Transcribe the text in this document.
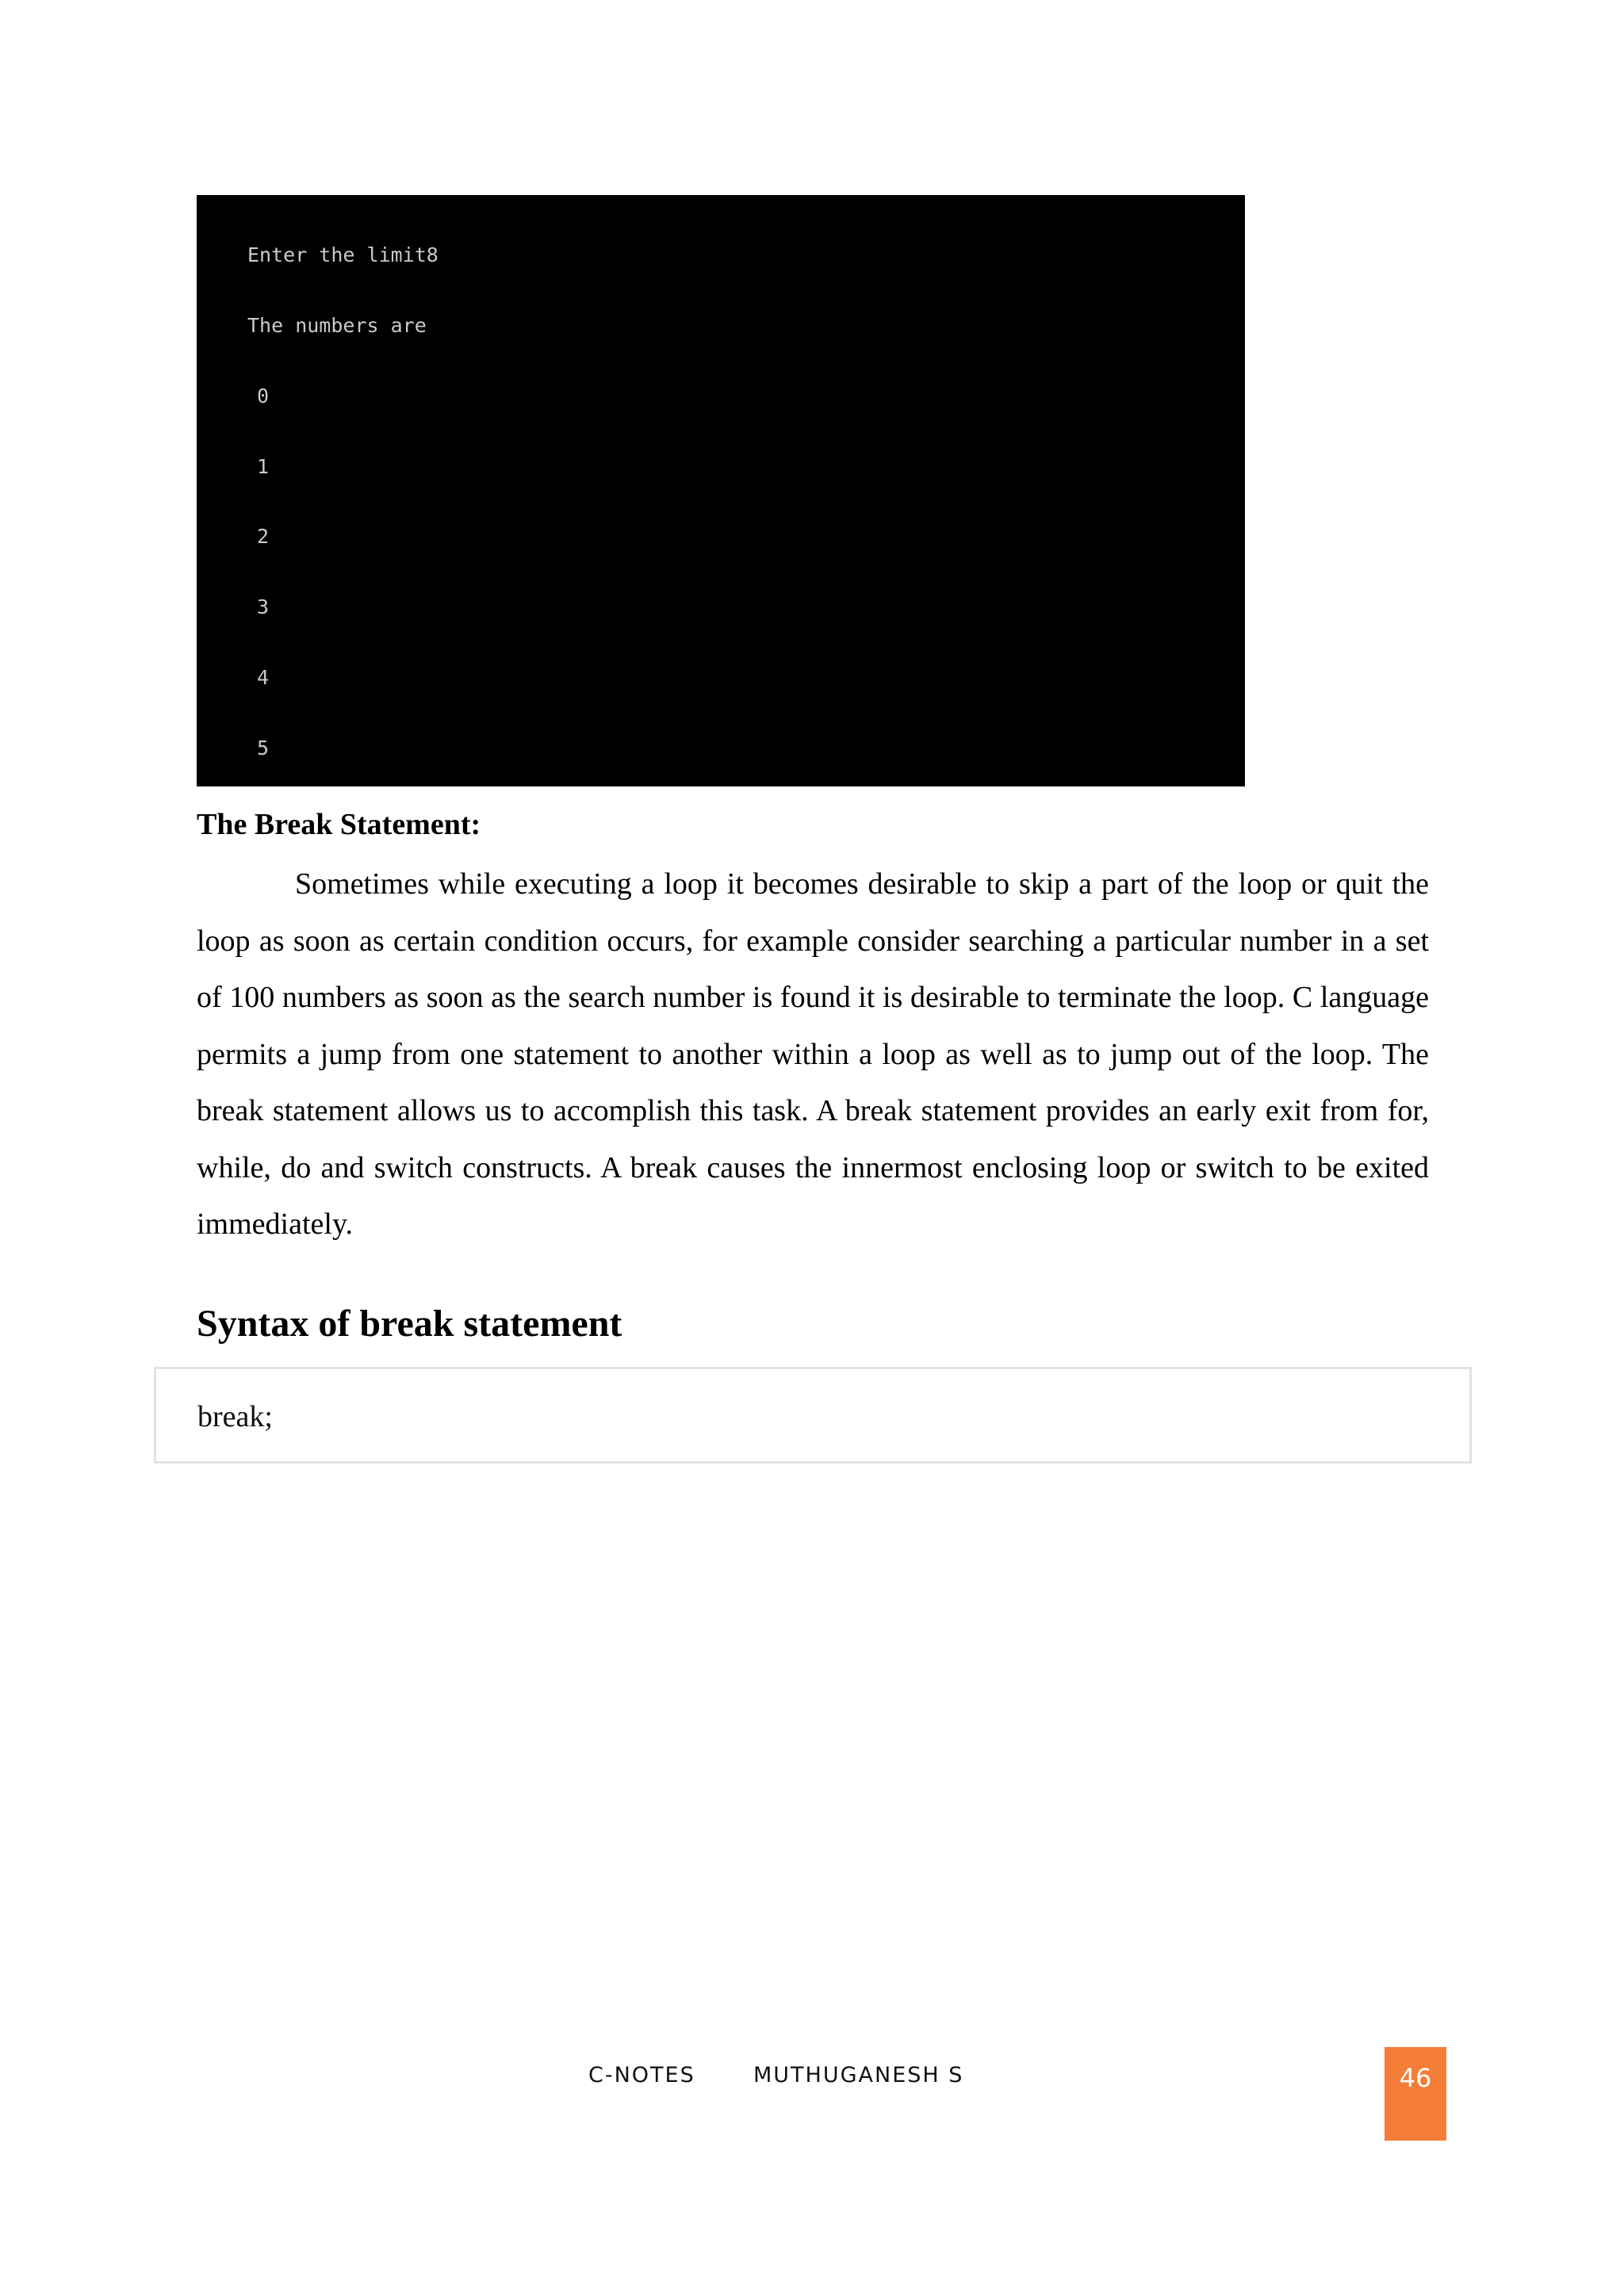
Enter the limit8

The numbers are

0

1

2

3

4

5

The Break Statement:

Sometimes while executing a loop it becomes desirable to skip a part of the loop or quit the loop as soon as certain condition occurs, for example consider searching a particular number in a set of 100 numbers as soon as the search number is found it is desirable to terminate the loop. C language permits a jump from one statement to another within a loop as well as to jump out of the loop. The break statement allows us to accomplish this task. A break statement provides an early exit from for, while, do and switch constructs. A break causes the innermost enclosing loop or switch to be exited immediately.

Syntax of break statement
break;
C-NOTES	MUTHUGANESH S	46
